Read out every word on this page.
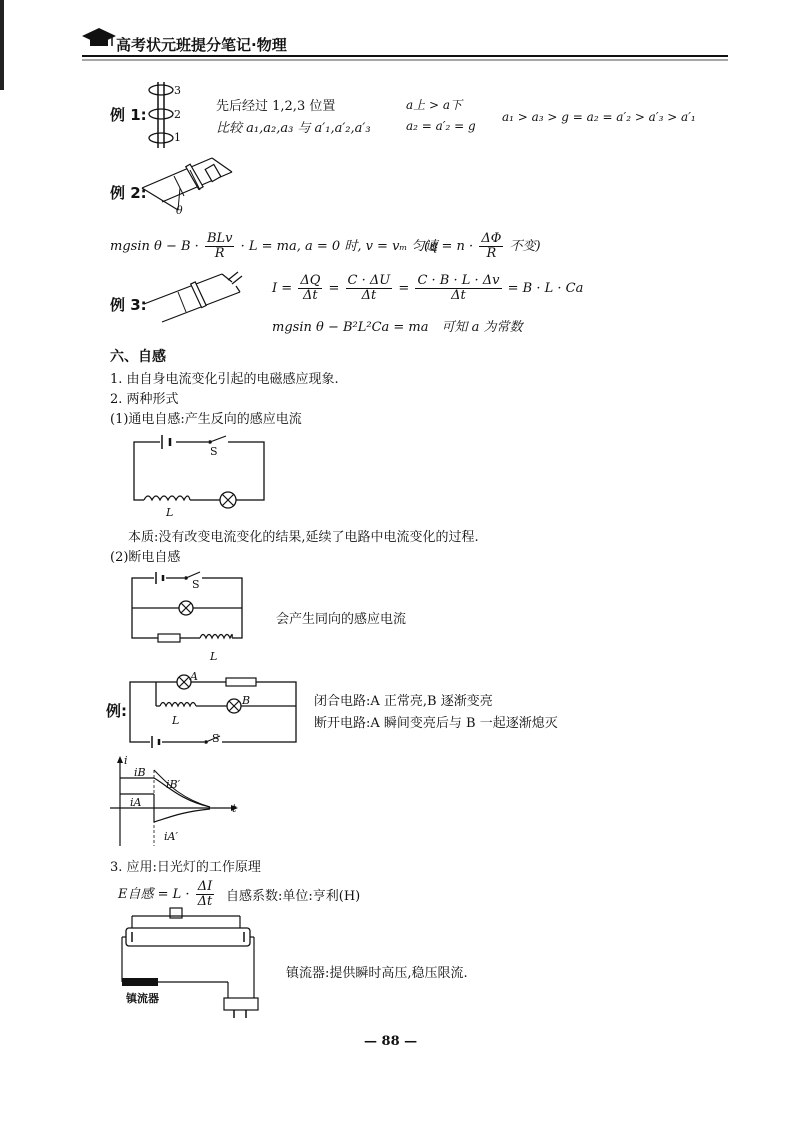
高考状元班提分笔记·物理
例 1:
3
2
1
先后经过 1,2,3 位置
比较 a₁,a₂,a₃ 与 a′₁,a′₂,a′₃
a上 > a下
a₂ = a′₂ = g
a₁ > a₃ > g = a₂ = a′₂ > a′₃ > a′₁
例 2:
θ
mgsin $\theta - B \cdot \frac{\text{BLv}}{R} \cdot L$ = ma, a = 0 时, v = vₘ 匀速
($q = n \cdot \frac{\Delta\Phi}{R}$ 不变)
例 3:
$I = \frac{\Delta Q}{\Delta t} = \frac{C \cdot \Delta U}{\Delta t} = \frac{C \cdot B \cdot L \cdot \Delta v}{\Delta t} = B \cdot L \cdot Ca$
mgsin θ − B²L²Ca = ma　可知 a 为常数
六、自感
1. 由自身电流变化引起的电磁感应现象.
2. 两种形式
(1)通电自感:产生反向的感应电流
S
L
本质:没有改变电流变化的结果,延续了电路中电流变化的过程.
(2)断电自感
S
L
会产生同向的感应电流
例:
A
B
L
S
闭合电路:A 正常亮,B 逐渐变亮
断开电路:A 瞬间变亮后与 B 一起逐渐熄灭
i
t
iB
iA
iB′
iA′
3. 应用:日光灯的工作原理
E自感 = $L \cdot \frac{\Delta I}{\Delta t}$ 自感系数:单位:亨利(H)
镇流器
镇流器:提供瞬时高压,稳压限流.
— 88 —
